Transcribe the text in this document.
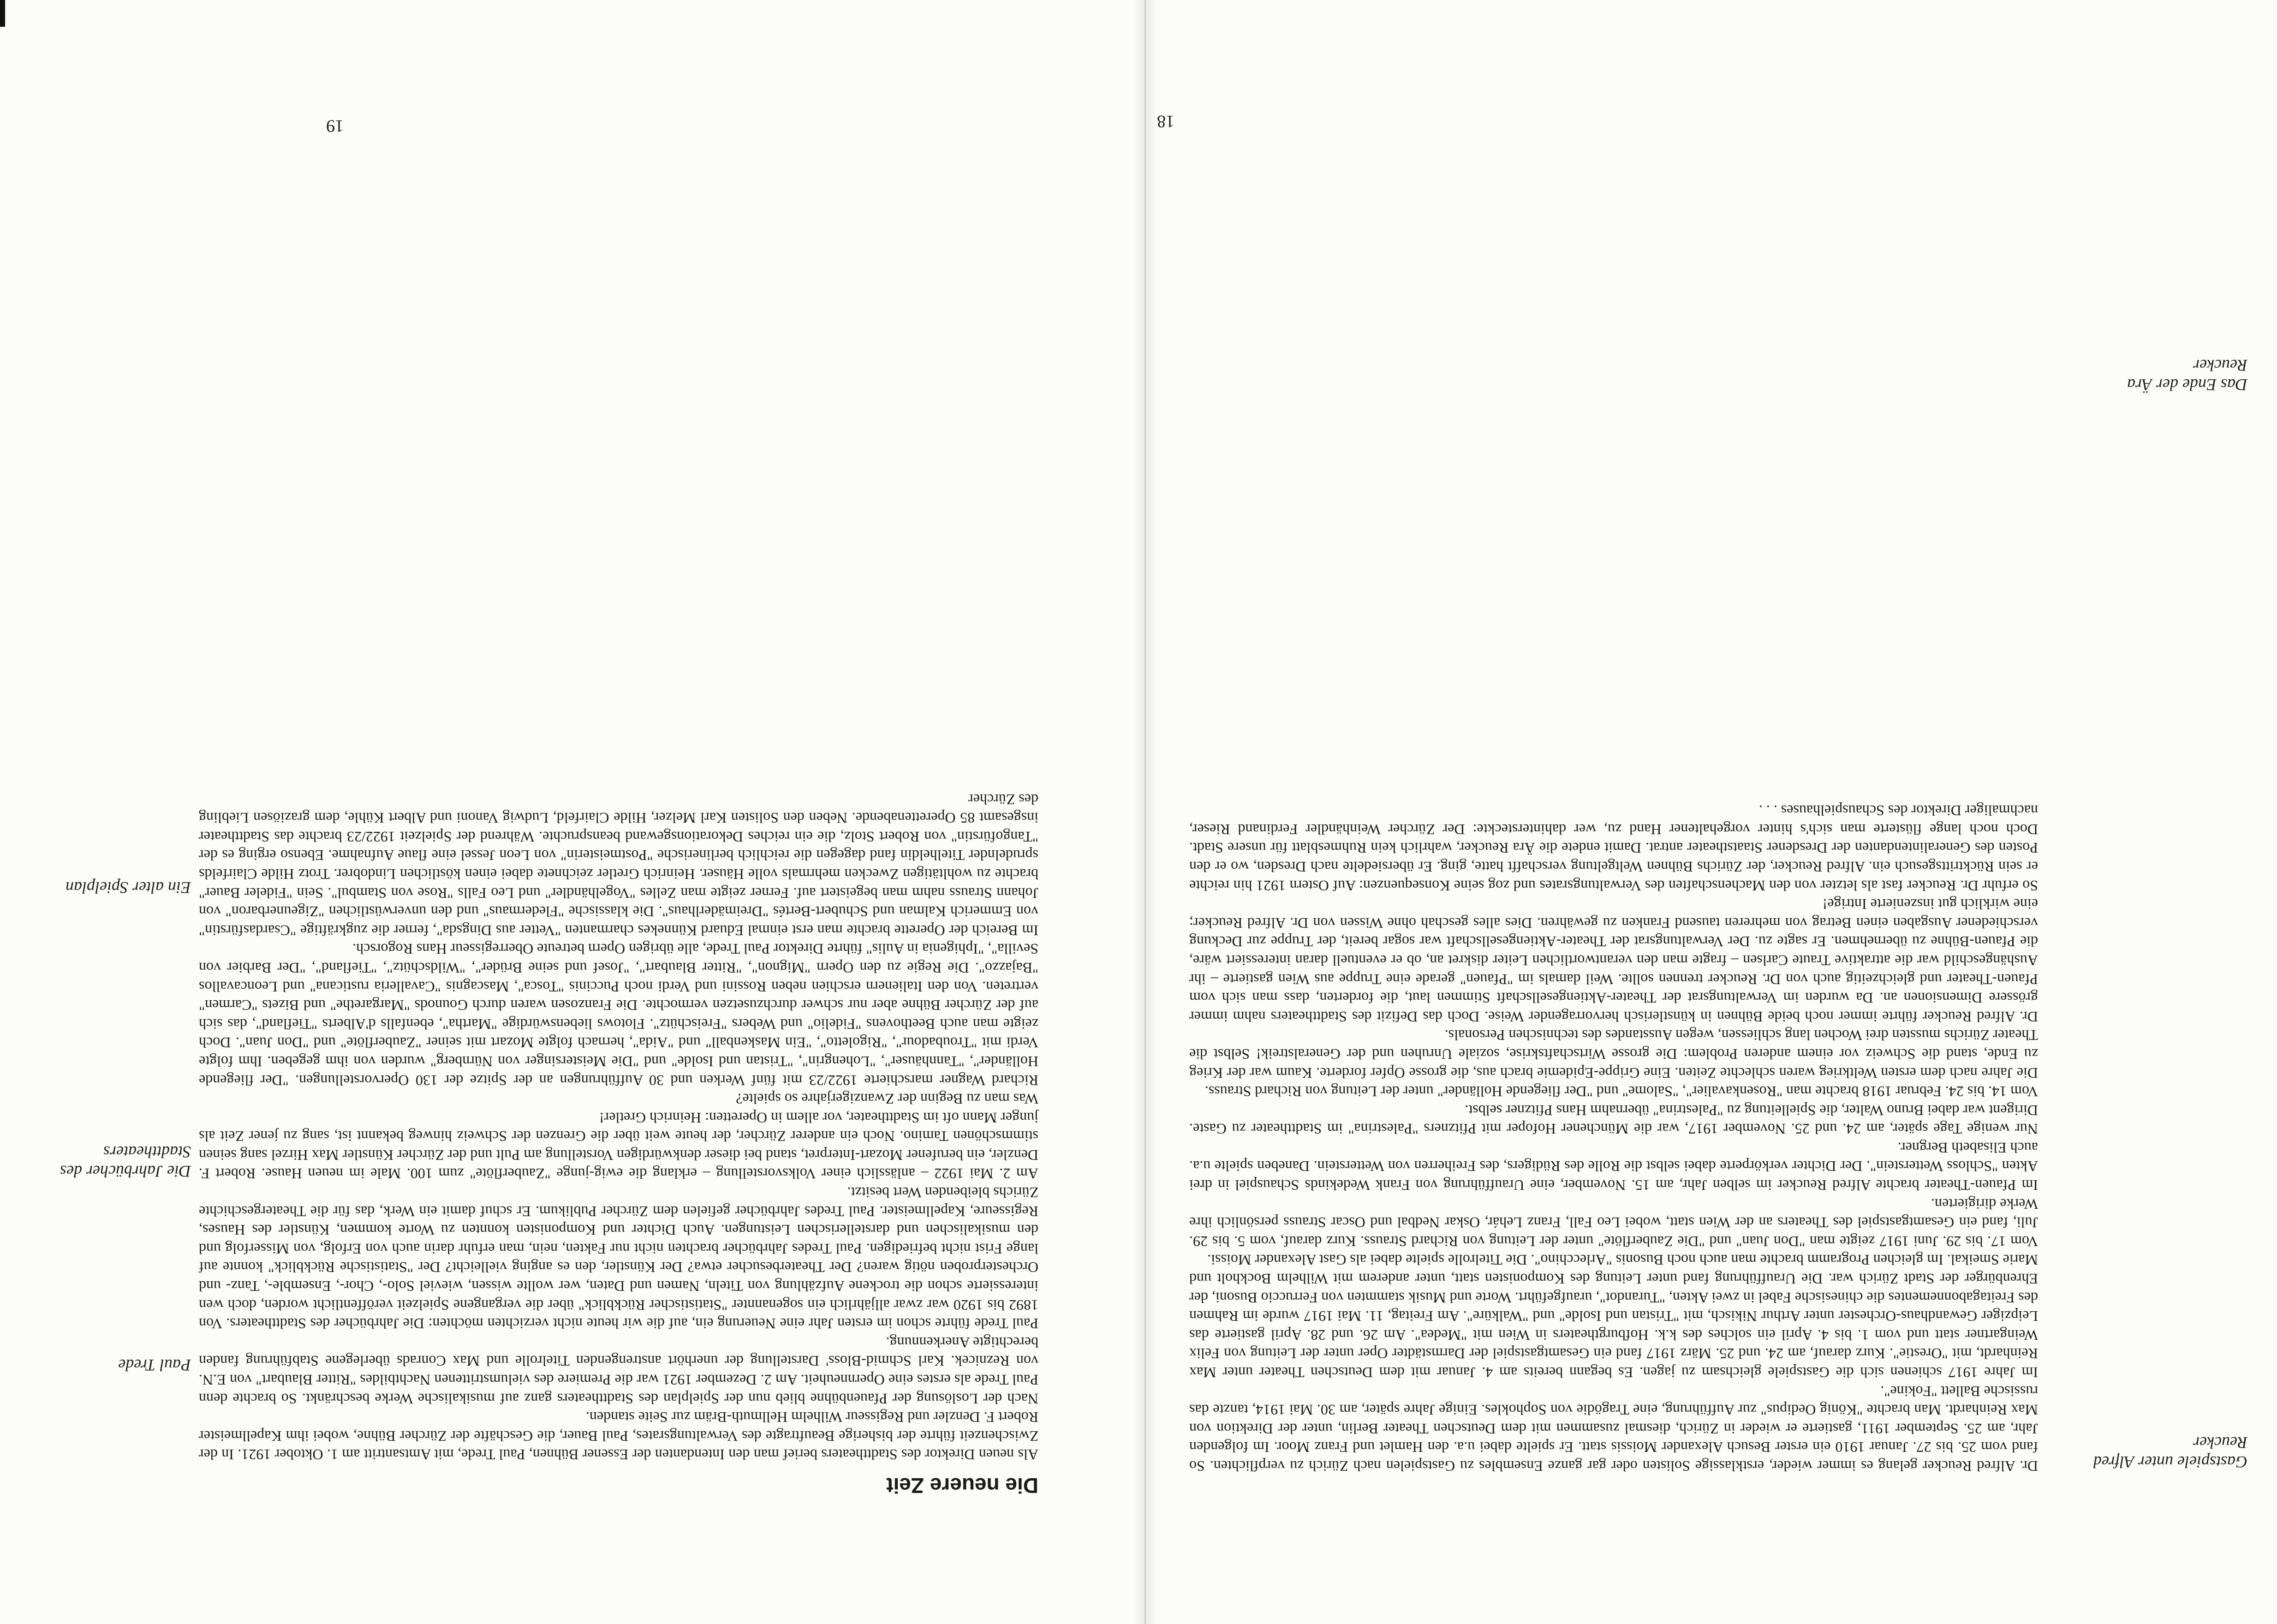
Gastspiele unter Alfred Reucker
Das Ende der Ära Reucker

Dr. Alfred Reucker gelang es immer wieder, erstklassige Solisten oder gar ganze Ensembles zu Gastspielen nach Zürich zu verpflichten. So fand vom 25. bis 27. Januar 1910 ein erster Besuch Alexander Moissis statt. Er spielte dabei u.a. den Hamlet und Franz Moor. Im folgenden Jahr, am 25. September 1911, gastierte er wieder in Zürich, diesmal zusammen mit dem Deutschen Theater Berlin, unter der Direktion von Max Reinhardt. Man brachte "König Oedipus" zur Aufführung, eine Tragödie von Sophokles. Einige Jahre später, am 30. Mai 1914, tanzte das russische Ballett "Fokine".

Im Jahre 1917 schienen sich die Gastspiele gleichsam zu jagen. Es begann bereits am 4. Januar mit dem Deutschen Theater unter Max Reinhardt, mit "Orestie". Kurz darauf, am 24. und 25. März 1917 fand ein Gesamtgastspiel der Darmstädter Oper unter der Leitung von Felix Weingartner statt und vom 1. bis 4. April ein solches des k.k. Hofburgtheaters in Wien mit "Medea". Am 26. und 28. April gastierte das Leipziger Gewandhaus-Orchester unter Arthur Nikisch, mit "Tristan und Isolde" und "Walküre". Am Freitag, 11. Mai 1917 wurde im Rahmen des Freitagabonnementes die chinesische Fabel in zwei Akten, "Turandot", uraufgeführt. Worte und Musik stammten von Ferruccio Busoni, der Ehrenbürger der Stadt Zürich war. Die Uraufführung fand unter Leitung des Komponisten statt, unter anderem mit Wilhelm Bockholt und Marie Smeikal. Im gleichen Programm brachte man auch noch Busonis "Arlecchino". Die Titelrolle spielte dabei als Gast Alexander Moissi.

Vom 17. bis 29. Juni 1917 zeigte man "Don Juan" und "Die Zauberflöte" unter der Leitung von Richard Strauss. Kurz darauf, vom 5. bis 29. Juli, fand ein Gesamtgastspiel des Theaters an der Wien statt, wobei Leo Fall, Franz Lehár, Oskar Nedbal und Oscar Strauss persönlich ihre Werke dirigierten.

Im Pfauen-Theater brachte Alfred Reucker im selben Jahr, am 15. November, eine Uraufführung von Frank Wedekinds Schauspiel in drei Akten "Schloss Wetterstein". Der Dichter verkörperte dabei selbst die Rolle des Rüdigers, des Freiherren von Wetterstein. Daneben spielte u.a. auch Elisabeth Bergner.

Nur wenige Tage später, am 24. und 25. November 1917, war die Münchener Hofoper mit Pfitzners "Palestrina" im Stadttheater zu Gaste. Dirigent war dabei Bruno Walter, die Spielleitung zu "Palestrina" übernahm Hans Pfitzner selbst.

Vom 14. bis 24. Februar 1918 brachte man "Rosenkavalier", "Salome" und "Der fliegende Holländer" unter der Leitung von Richard Strauss.

Die Jahre nach dem ersten Weltkrieg waren schlechte Zeiten. Eine Grippe-Epidemie brach aus, die grosse Opfer forderte. Kaum war der Krieg zu Ende, stand die Schweiz vor einem anderen Problem: Die grosse Wirtschaftskrise, soziale Unruhen und der Generalstreik! Selbst die Theater Zürichs mussten drei Wochen lang schliessen, wegen Ausstandes des technischen Personals.

Dr. Alfred Reucker führte immer noch beide Bühnen in künstlerisch hervorragender Weise. Doch das Defizit des Stadttheaters nahm immer grössere Dimensionen an. Da wurden im Verwaltungsrat der Theater-Aktiengesellschaft Stimmen laut, die forderten, dass man sich vom Pfauen-Theater und gleichzeitig auch von Dr. Reucker trennen sollte. Weil damals im "Pfauen" gerade eine Truppe aus Wien gastierte – ihr Aushängeschild war die attraktive Traute Carlsen – fragte man den verantwortlichen Leiter diskret an, ob er eventuell daran interessiert wäre, die Pfauen-Bühne zu übernehmen. Er sagte zu. Der Verwaltungsrat der Theater-Aktiengesellschaft war sogar bereit, der Truppe zur Deckung verschiedener Ausgaben einen Betrag von mehreren tausend Franken zu gewähren. Dies alles geschah ohne Wissen von Dr. Alfred Reucker; eine wirklich gut inszenierte Intrige!

So erfuhr Dr. Reucker fast als letzter von den Machenschaften des Verwaltungsrates und zog seine Konsequenzen: Auf Ostern 1921 hin reichte er sein Rücktrittsgesuch ein. Alfred Reucker, der Zürichs Bühnen Weltgeltung verschafft hatte, ging. Er übersiedelte nach Dresden, wo er den Posten des Generalintendanten der Dresdener Staatstheater antrat. Damit endete die Ära Reucker, wahrlich kein Ruhmesblatt für unsere Stadt. Doch noch lange flüsterte man sich's hinter vorgehaltener Hand zu, wer dahintersteckte: Der Zürcher Weinhändler Ferdinand Rieser, nachmaliger Direktor des Schauspielhauses . . .

18
Ein alter Spielplan
Die Jahrbücher des Stadttheaters
Paul Trede
Die neuere Zeit

Als neuen Direktor des Stadttheaters berief man den Intendanten der Essener Bühnen, Paul Trede, mit Amtsantritt am 1. Oktober 1921. In der Zwischenzeit führte der bisherige Beauftragte des Verwaltungsrates, Paul Bauer, die Geschäfte der Zürcher Bühne, wobei ihm Kapellmeister Robert F. Denzler und Regisseur Wilhelm Hellmuth-Bräm zur Seite standen.

Nach der Loslösung der Pfauenbühne blieb nun der Spielplan des Stadttheaters ganz auf musikalische Werke beschränkt. So brachte denn Paul Trede als erstes eine Opernneuheit. Am 2. Dezember 1921 war die Premiere des vielumstrittenen Nachtbildes "Ritter Blaubart" von E.N. von Reznicek. Karl Schmid-Bloss' Darstellung der unerhört anstrengenden Titelrolle und Max Conrads überlegene Stabführung fanden berechtigte Anerkennung.

Paul Trede führte schon im ersten Jahr eine Neuerung ein, auf die wir heute nicht verzichten möchten: Die Jahrbücher des Stadttheaters. Von 1892 bis 1920 war zwar alljährlich ein sogenannter "Statistischer Rückblick" über die vergangene Spielzeit veröffentlicht worden, doch wen interessierte schon die trockene Aufzählung von Titeln, Namen und Daten, wer wollte wissen, wieviel Solo-, Chor-, Ensemble-, Tanz- und Orchesterproben nötig waren? Der Theaterbesucher etwa? Der Künstler, den es anging vielleicht? Der "Statistische Rückblick" konnte auf lange Frist nicht befriedigen. Paul Tredes Jahrbücher brachten nicht nur Fakten, nein, man erfuhr darin auch von Erfolg, von Misserfolg und den musikalischen und darstellerischen Leistungen. Auch Dichter und Komponisten konnten zu Worte kommen, Künstler des Hauses, Regisseure, Kapellmeister. Paul Tredes Jahrbücher gefielen dem Zürcher Publikum. Er schuf damit ein Werk, das für die Theatergeschichte Zürichs bleibenden Wert besitzt.

Am 2. Mai 1922 – anlässlich einer Volksvorstellung – erklang die ewig-junge "Zauberflöte" zum 100. Male im neuen Hause. Robert F. Denzler, ein berufener Mozart-Interpret, stand bei dieser denkwürdigen Vorstellung am Pult und der Zürcher Künstler Max Hirzel sang seinen stimmschönen Tamino. Noch ein anderer Zürcher, der heute weit über die Grenzen der Schweiz hinweg bekannt ist, sang zu jener Zeit als junger Mann oft im Stadttheater, vor allem in Operetten: Heinrich Gretler!

Was man zu Beginn der Zwanzigerjahre so spielte?

Richard Wagner marschierte 1922/23 mit fünf Werken und 30 Aufführungen an der Spitze der 130 Opervorstellungen. "Der fliegende Holländer", "Tannhäuser", "Lohengrin", "Tristan und Isolde" und "Die Meistersinger von Nürnberg" wurden von ihm gegeben. Ihm folgte Verdi mit "Troubadour", "Rigoletto", "Ein Maskenball" und "Aida", hernach folgte Mozart mit seiner "Zauberflöte" und "Don Juan". Doch zeigte man auch Beethovens "Fidelio" und Webers "Freischütz". Flotows liebenswürdige "Martha", ebenfalls d'Alberts "Tiefland", das sich auf der Zürcher Bühne aber nur schwer durchzusetzen vermochte. Die Franzosen waren durch Gounods "Margarethe" und Bizets "Carmen" vertreten. Von den Italienern erschien neben Rossini und Verdi noch Puccinis "Tosca", Mascagnis "Cavalleria rusticana" und Leoncavallos "Bajazzo". Die Regie zu den Opern "Mignon", "Ritter Blaubart", "Josef und seine Brüder", "Wildschütz", "Tiefland", "Der Barbier von Sevilla", "Iphigenia in Aulis" führte Direktor Paul Trede, alle übrigen Opern betreute Oberregisseur Hans Rogorsch.

Im Bereich der Operette brachte man erst einmal Eduard Künnekes charmanten "Vetter aus Dingsda", ferner die zugkräftige "Csardasfürstin" von Emmerich Kalman und Schubert-Bertés "Dreimäderlhaus". Die klassische "Fledermaus" und den unverwüstlichen "Zigeunerbaron" von Johann Strauss nahm man begeistert auf. Ferner zeigte man Zelles "Vogelhändler" und Leo Falls "Rose von Stambul". Sein "Fideler Bauer" brachte zu wohltätigen Zwecken mehrmals volle Häuser. Heinrich Gretler zeichnete dabei einen köstlichen Lindobrer. Trotz Hilde Clairfelds sprudelnder Titelheldin fand dagegen die reichlich berlinerische "Postmeisterin" von Leon Jessel eine flaue Aufnahme. Ebenso erging es der "Tangofürstin" von Robert Stolz, die ein reiches Dekorationsgewand beanspruchte. Während der Spielzeit 1922/23 brachte das Stadttheater insgesamt 85 Operettenabende. Neben den Solisten Karl Melzer, Hilde Clairfeld, Ludwig Vanoni und Albert Kühle, dem graziösen Liebling des Zürcher

19
